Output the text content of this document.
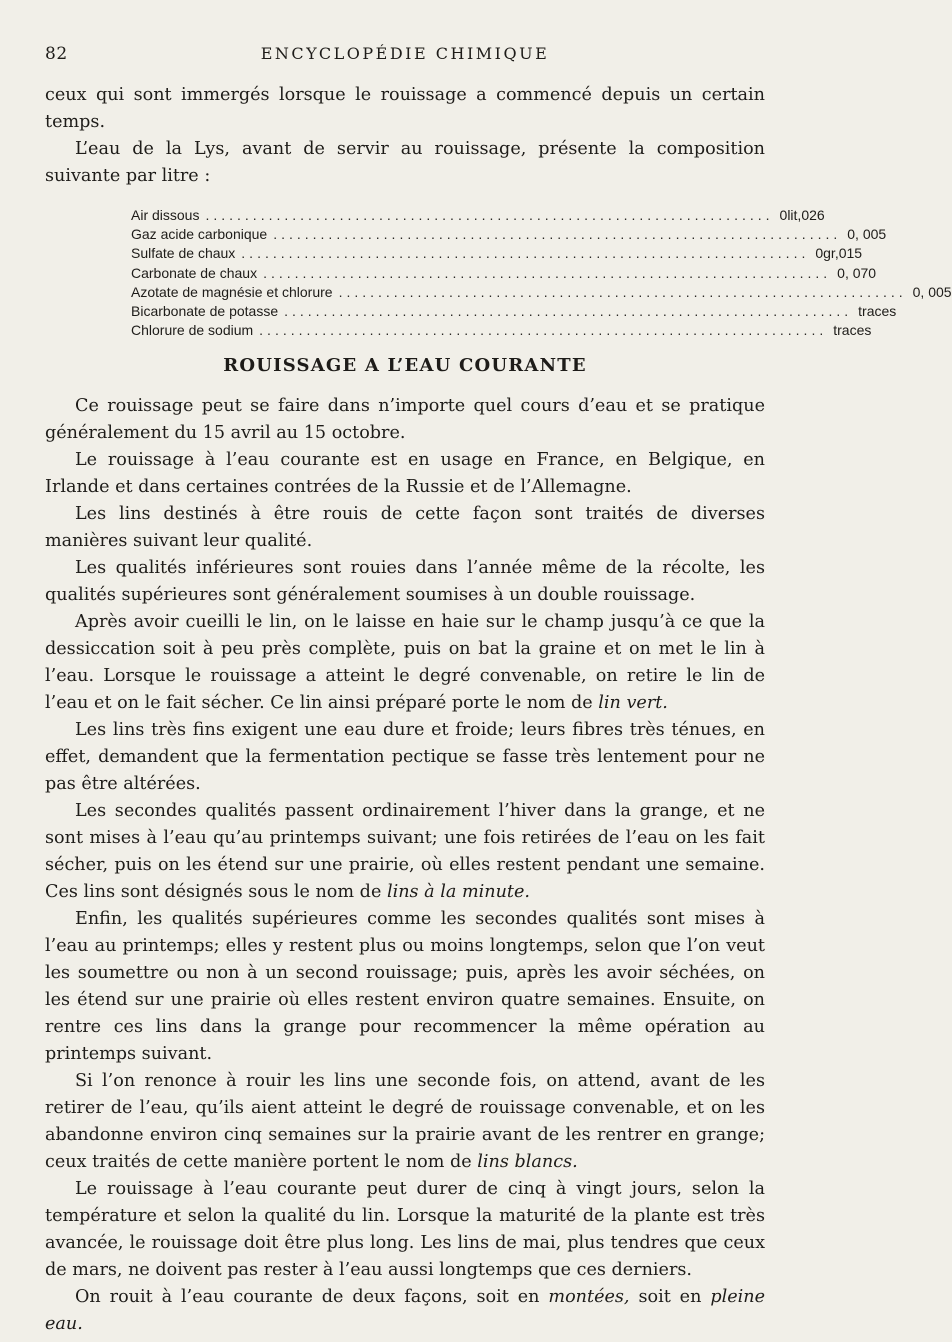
82	ENCYCLOPÉDIE CHIMIQUE

ceux qui sont immergés lorsque le rouissage a commencé depuis un certain temps.

L’eau de la Lys, avant de servir au rouissage, présente la composition suivante par litre :

Air dissous ........................................................................ 0lit,026
Gaz acide carbonique ........................................................................ 0, 005
Sulfate de chaux ........................................................................ 0gr,015
Carbonate de chaux ........................................................................ 0, 070
Azotate de magnésie et chlorure ........................................................................ 0, 005
Bicarbonate de potasse ........................................................................ traces
Chlorure de sodium ........................................................................ traces
ROUISSAGE A L’EAU COURANTE

Ce rouissage peut se faire dans n’importe quel cours d’eau et se pratique généralement du 15 avril au 15 octobre.

Le rouissage à l’eau courante est en usage en France, en Belgique, en Irlande et dans certaines contrées de la Russie et de l’Allemagne.

Les lins destinés à être rouis de cette façon sont traités de diverses manières suivant leur qualité.

Les qualités inférieures sont rouies dans l’année même de la récolte, les qualités supérieures sont généralement soumises à un double rouissage.

Après avoir cueilli le lin, on le laisse en haie sur le champ jusqu’à ce que la dessiccation soit à peu près complète, puis on bat la graine et on met le lin à l’eau. Lorsque le rouissage a atteint le degré convenable, on retire le lin de l’eau et on le fait sécher. Ce lin ainsi préparé porte le nom de lin vert.

Les lins très fins exigent une eau dure et froide; leurs fibres très ténues, en effet, demandent que la fermentation pectique se fasse très lentement pour ne pas être altérées.

Les secondes qualités passent ordinairement l’hiver dans la grange, et ne sont mises à l’eau qu’au printemps suivant; une fois retirées de l’eau on les fait sécher, puis on les étend sur une prairie, où elles restent pendant une semaine. Ces lins sont désignés sous le nom de lins à la minute.

Enfin, les qualités supérieures comme les secondes qualités sont mises à l’eau au printemps; elles y restent plus ou moins longtemps, selon que l’on veut les soumettre ou non à un second rouissage; puis, après les avoir séchées, on les étend sur une prairie où elles restent environ quatre semaines. Ensuite, on rentre ces lins dans la grange pour recommencer la même opération au printemps suivant.

Si l’on renonce à rouir les lins une seconde fois, on attend, avant de les retirer de l’eau, qu’ils aient atteint le degré de rouissage convenable, et on les abandonne environ cinq semaines sur la prairie avant de les rentrer en grange; ceux traités de cette manière portent le nom de lins blancs.

Le rouissage à l’eau courante peut durer de cinq à vingt jours, selon la température et selon la qualité du lin. Lorsque la maturité de la plante est très avancée, le rouissage doit être plus long. Les lins de mai, plus tendres que ceux de mars, ne doivent pas rester à l’eau aussi longtemps que ces derniers.

On rouit à l’eau courante de deux façons, soit en montées, soit en pleine eau.
